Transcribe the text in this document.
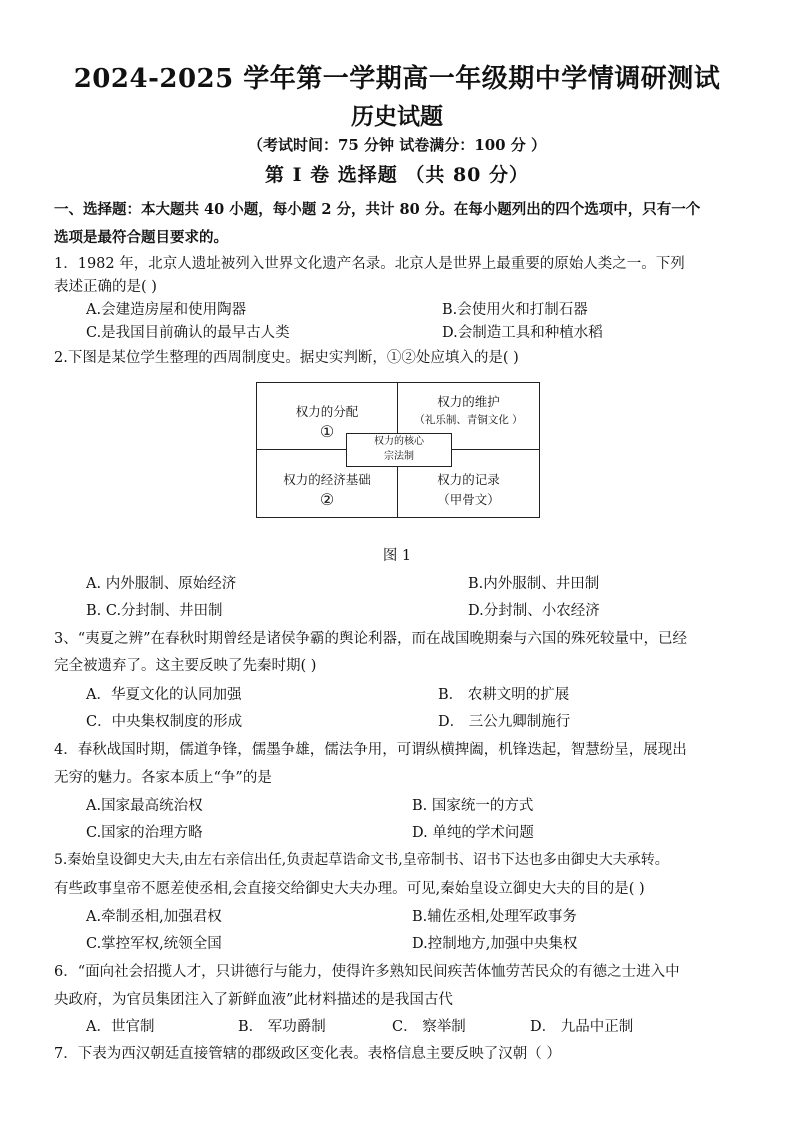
2024-2025 学年第一学期高一年级期中学情调研测试
历史试题
（考试时间：75 分钟 试卷满分：100 分 ）
第 Ⅰ 卷 选择题 （共 80 分）
一、选择题：本大题共 40 小题，每小题 2 分，共计 80 分。在每小题列出的四个选项中，只有一个
选项是最符合题目要求的。
1．1982 年，北京人遗址被列入世界文化遗产名录。北京人是世界上最重要的原始人类之一。下列
表述正确的是( )
A.会建造房屋和使用陶器	B.会使用火和打制石器
C.是我国目前确认的最早古人类	D.会制造工具和种植水稻
2.下图是某位学生整理的西周制度史。据史实判断，①②处应填入的是( )
权力的分配
①
权力的维护
（礼乐制、青铜文化 ）
权力的经济基础
②
权力的记录
（甲骨文）
权力的核心
宗法制
图 1
A. 内外服制、原始经济	B.内外服制、井田制
B. C.分封制、井田制	D.分封制、小农经济
3、“夷夏之辨”在春秋时期曾经是诸侯争霸的舆论利器，而在战国晚期秦与六国的殊死较量中，已经
完全被遗弃了。这主要反映了先秦时期( )
A．华夏文化的认同加强	B． 农耕文明的扩展
C．中央集权制度的形成	D． 三公九卿制施行
4．春秋战国时期，儒道争锋，儒墨争雄，儒法争用，可谓纵横捭阖，机锋迭起，智慧纷呈，展现出
无穷的魅力。各家本质上“争”的是
A.国家最高统治权	B. 国家统一的方式
C.国家的治理方略	D. 单纯的学术问题
5.秦始皇设御史大夫,由左右亲信出任,负责起草诰命文书,皇帝制书、诏书下达也多由御史大夫承转。
有些政事皇帝不愿差使丞相,会直接交给御史大夫办理。可见,秦始皇设立御史大夫的目的是( )
A.牵制丞相,加强君权	B.辅佐丞相,处理军政事务
C.掌控军权,统领全国	D.控制地方,加强中央集权
6．“面向社会招揽人才，只讲德行与能力，使得许多熟知民间疾苦体恤劳苦民众的有德之士进入中
央政府，为官员集团注入了新鲜血液”此材料描述的是我国古代
A．世官制	B． 军功爵制	C． 察举制	D． 九品中正制
7．下表为西汉朝廷直接管辖的郡级政区变化表。表格信息主要反映了汉朝（ ）
